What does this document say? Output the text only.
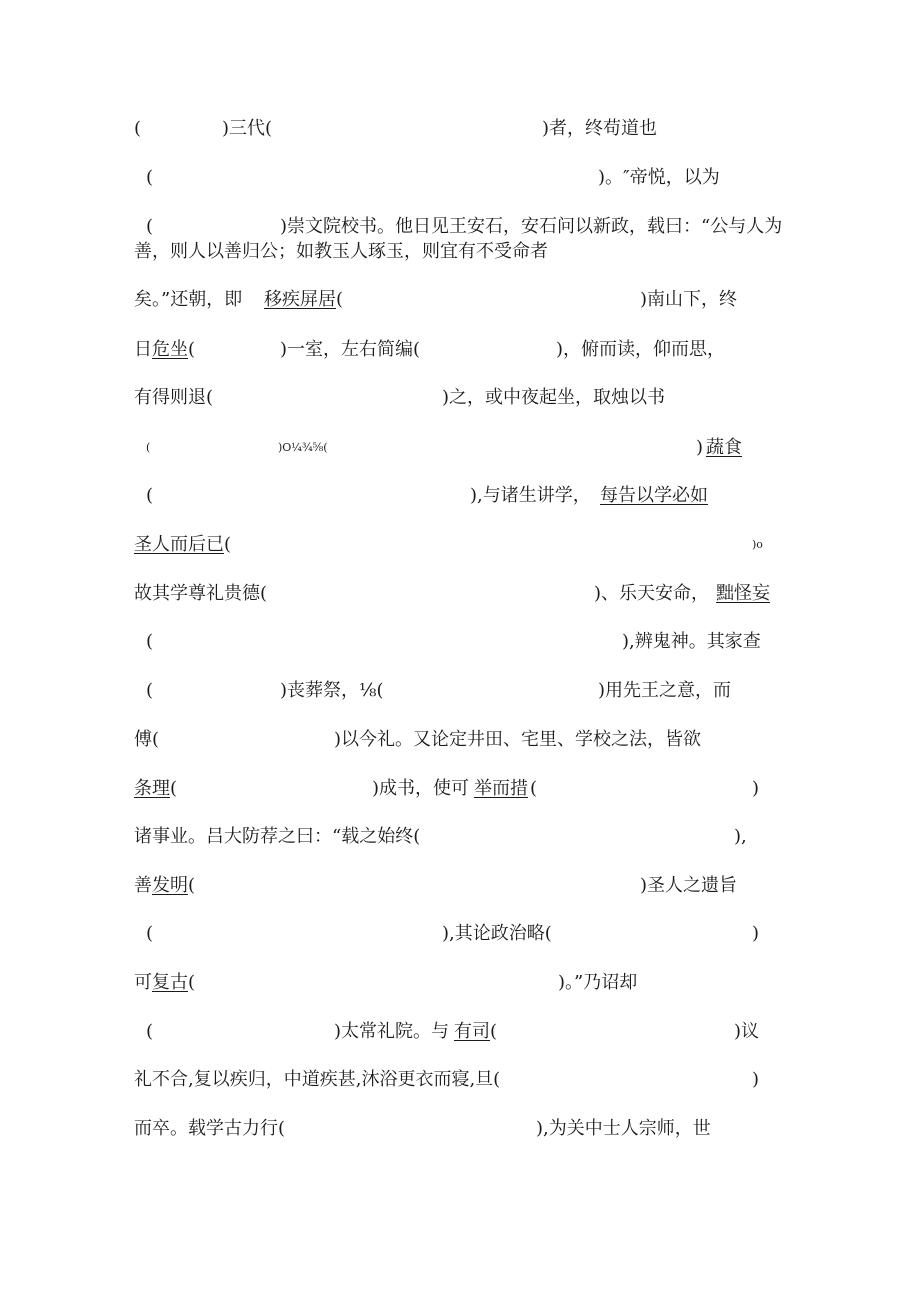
(	)三代(	)者，终苟道也
(	)。″帝悦，以为
(	)崇文院校书。他日见王安石，安石问以新政，载曰：“公与人为
善，则人以善归公；如教玉人琢玉，则宜有不受命者
矣。”还朝，即 移疾屏居 (	)南山下，终
日 危坐 (	)一室，左右简编(	)，俯而读，仰而思，
有得则退(	)之，或中夜起坐，取烛以书
(	)O¼¾⅝(	) 蔬食
(	),与诸生讲学， 每告以学必如
圣人而后已 (	)o
故其学尊礼贵德(	)、乐天安命， 黜怪妄
(	),辨鬼神。其家查
(	)丧葬祭，⅛(	)用先王之意，而
傅(	)以今礼。又论定井田、宅里、学校之法，皆欲
条理 (	)成书，使可 举而措 (	)
诸事业。吕大防荐之曰：“载之始终(	),
善 发明 (	)圣人之遗旨
(	),其论政治略(	)
可 复古 (	)。”乃诏却
(	)太常礼院。与 有司 (	)议
礼不合,复以疾归，中道疾甚,沐浴更衣而寝,旦(	)
而卒。载学古力行(	),为关中士人宗师，世
